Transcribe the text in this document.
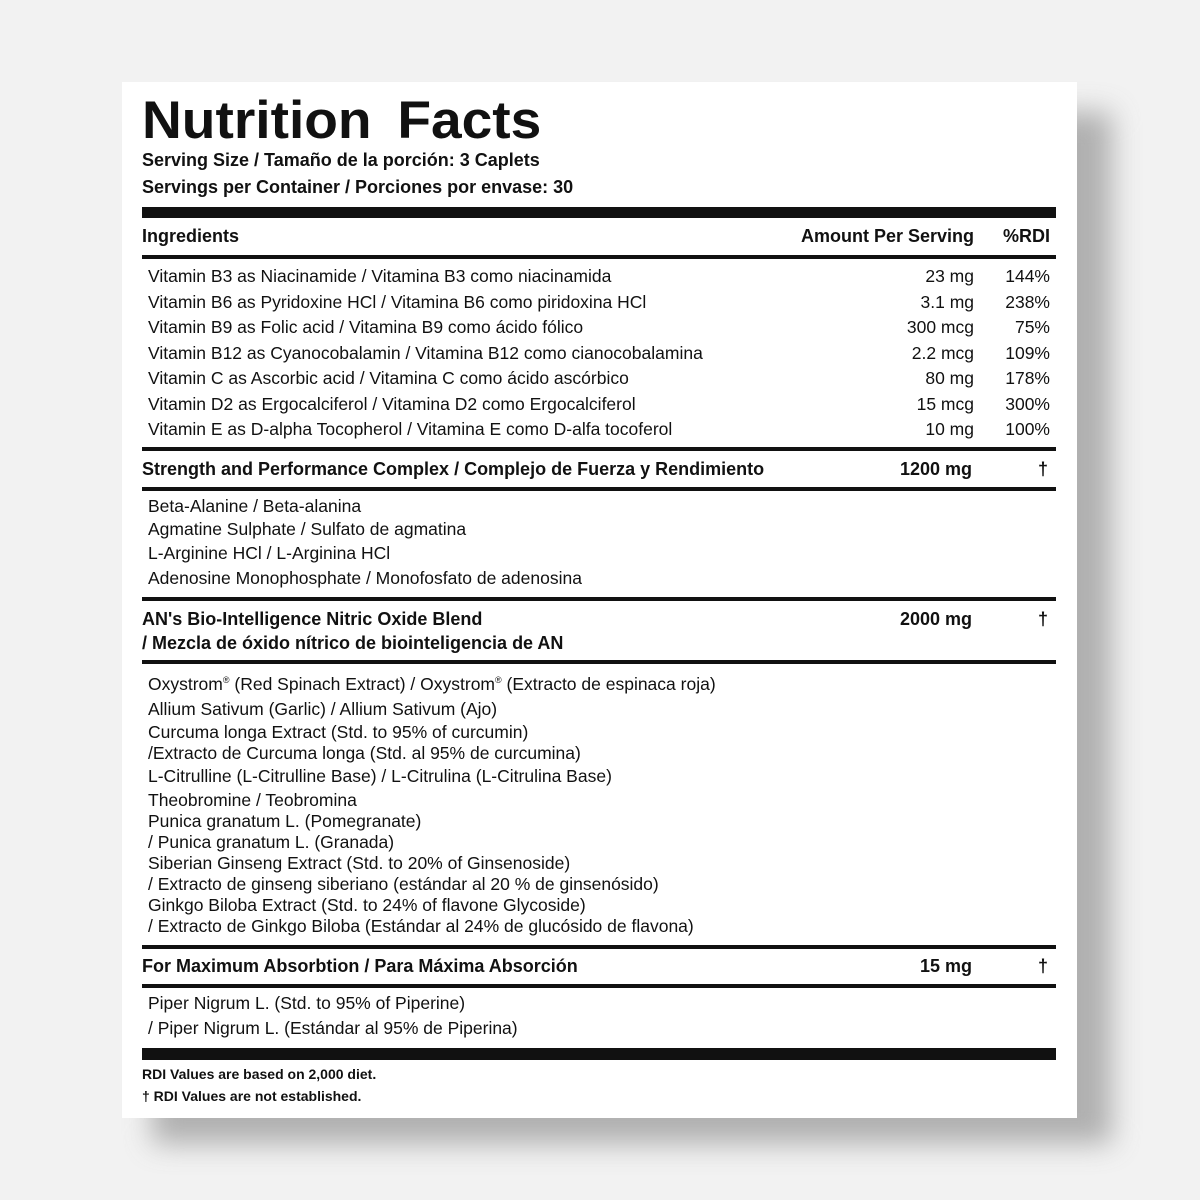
Nutrition Facts
Serving Size / Tamaño de la porción: 3 Caplets
Servings per Container / Porciones por envase: 30
Ingredients	Amount Per Serving	%RDI
Vitamin B3 as Niacinamide / Vitamina B3 como niacinamida	23 mg	144%
Vitamin B6 as Pyridoxine HCl / Vitamina B6 como piridoxina HCl	3.1 mg	238%
Vitamin B9 as Folic acid / Vitamina B9 como ácido fólico	300 mcg	75%
Vitamin B12 as Cyanocobalamin / Vitamina B12 como cianocobalamina	2.2 mcg	109%
Vitamin C as Ascorbic acid / Vitamina C como ácido ascórbico	80 mg	178%
Vitamin D2 as Ergocalciferol / Vitamina D2 como Ergocalciferol	15 mcg	300%
Vitamin E as D-alpha Tocopherol / Vitamina E como D-alfa tocoferol	10 mg	100%
Strength and Performance Complex / Complejo de Fuerza y Rendimiento	1200 mg	†
Beta-Alanine / Beta-alanina
Agmatine Sulphate / Sulfato de agmatina
L-Arginine HCl / L-Arginina HCl
Adenosine Monophosphate / Monofosfato de adenosina
AN's Bio-Intelligence Nitric Oxide Blend	2000 mg	†
/ Mezcla de óxido nítrico de biointeligencia de AN
Oxystrom® (Red Spinach Extract) / Oxystrom® (Extracto de espinaca roja)
Allium Sativum (Garlic) / Allium Sativum (Ajo)
Curcuma longa Extract (Std. to 95% of curcumin)
/Extracto de Curcuma longa (Std. al 95% de curcumina)
L-Citrulline (L-Citrulline Base) / L-Citrulina (L-Citrulina Base)
Theobromine / Teobromina
Punica granatum L. (Pomegranate)
/ Punica granatum L. (Granada)
Siberian Ginseng Extract (Std. to 20% of Ginsenoside)
/ Extracto de ginseng siberiano (estándar al 20 % de ginsenósido)
Ginkgo Biloba Extract (Std. to 24% of flavone Glycoside)
/ Extracto de Ginkgo Biloba (Estándar al 24% de glucósido de flavona)
For Maximum Absorbtion / Para Máxima Absorción	15 mg	†
Piper Nigrum L. (Std. to 95% of Piperine)
/ Piper Nigrum L. (Estándar al 95% de Piperina)
RDI Values are based on 2,000 diet.
† RDI Values are not established.
